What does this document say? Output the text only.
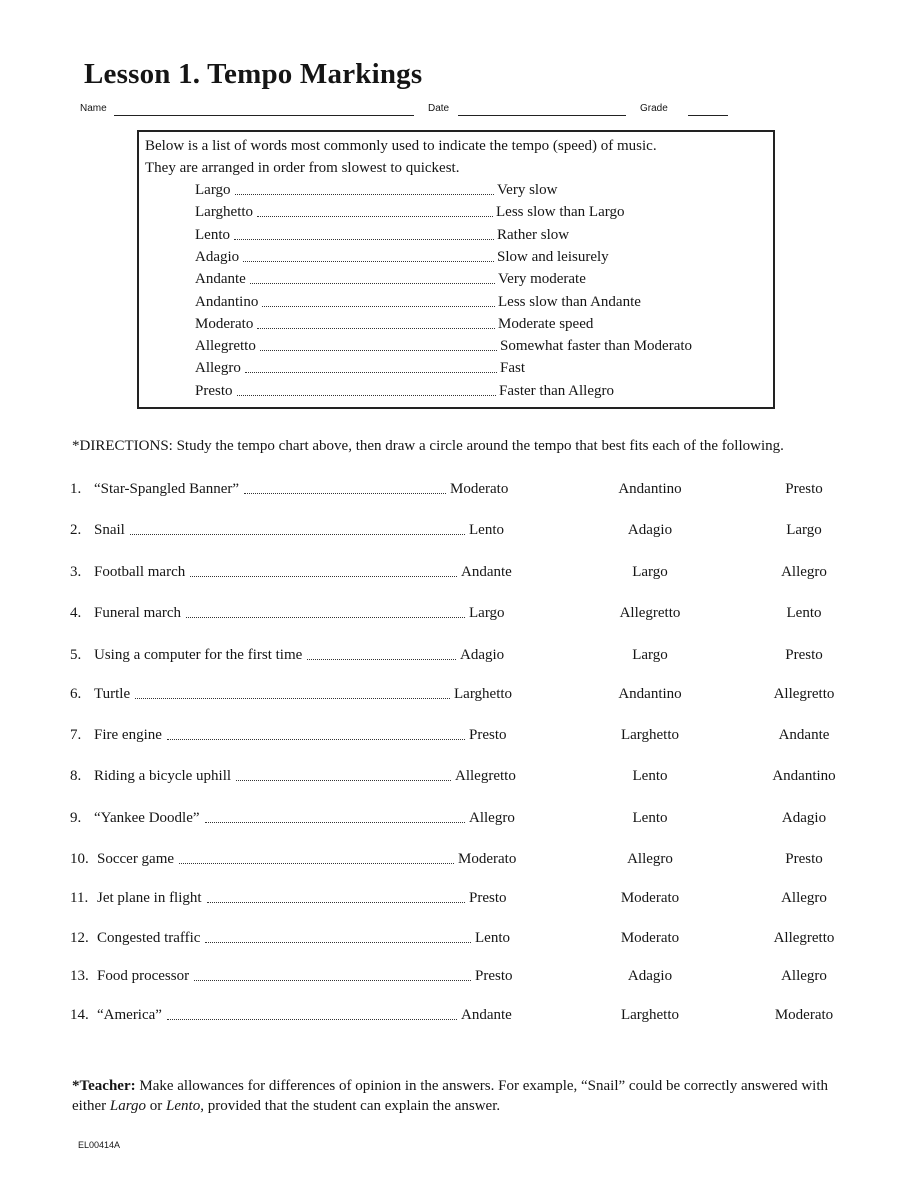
Lesson 1. Tempo Markings
Name	Date	Grade
Below is a list of words most commonly used to indicate the tempo (speed) of music.
They are arranged in order from slowest to quickest.
Largo	Very slow
Larghetto	Less slow than Largo
Lento	Rather slow
Adagio	Slow and leisurely
Andante	Very moderate
Andantino	Less slow than Andante
Moderato	Moderate speed
Allegretto	Somewhat faster than Moderato
Allegro	Fast
Presto	Faster than Allegro
*DIRECTIONS: Study the tempo chart above, then draw a circle around the tempo that best fits each of the following.
1. “Star-Spangled Banner”	Moderato	Andantino	Presto
2. Snail	Lento	Adagio	Largo
3. Football march	Andante	Largo	Allegro
4. Funeral march	Largo	Allegretto	Lento
5. Using a computer for the first time	Adagio	Largo	Presto
6. Turtle	Larghetto	Andantino	Allegretto
7. Fire engine	Presto	Larghetto	Andante
8. Riding a bicycle uphill	Allegretto	Lento	Andantino
9. “Yankee Doodle”	Allegro	Lento	Adagio
10. Soccer game	Moderato	Allegro	Presto
11. Jet plane in flight	Presto	Moderato	Allegro
12. Congested traffic	Lento	Moderato	Allegretto
13. Food processor	Presto	Adagio	Allegro
14. “America”	Andante	Larghetto	Moderato
*Teacher: Make allowances for differences of opinion in the answers. For example, “Snail” could be correctly answered with either Largo or Lento, provided that the student can explain the answer.
EL00414A
